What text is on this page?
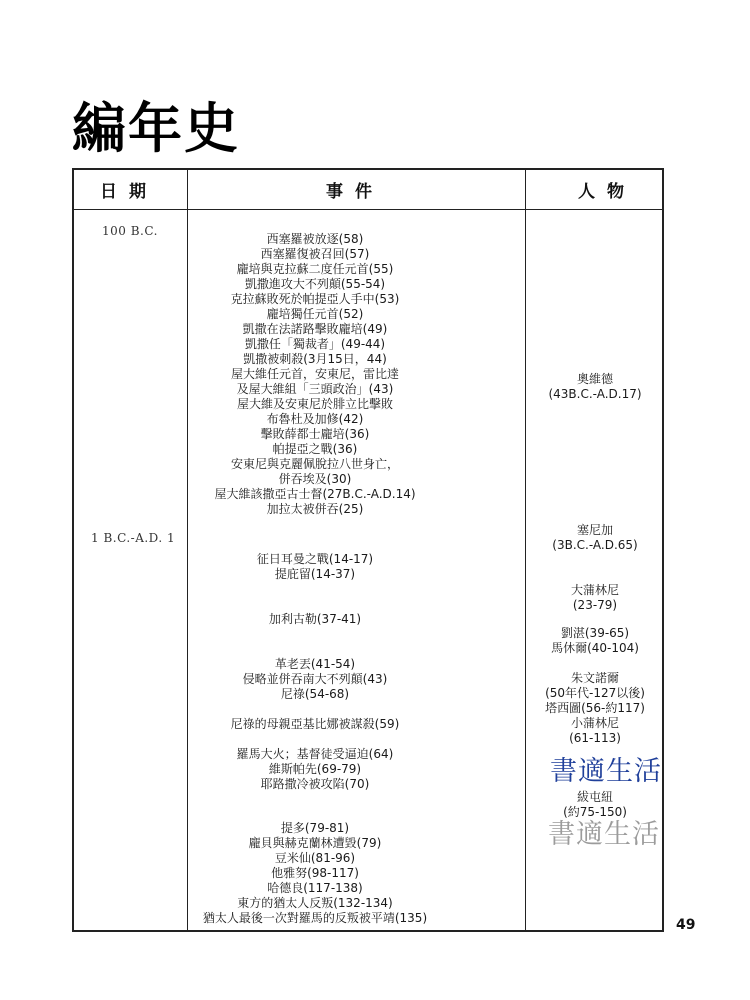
編年史
日期	事件	人物
100 B.C.
1 B.C.-A.D. 1
西塞羅被放逐(58)
西塞羅復被召回(57)
龐培與克拉蘇二度任元首(55)
凱撒進攻大不列顛(55-54)
克拉蘇敗死於帕提亞人手中(53)
龐培獨任元首(52)
凱撒在法諾路擊敗龐培(49)
凱撒任「獨裁者」(49-44)
凱撒被刺殺(3月15日，44)
屋大維任元首，安東尼，雷比達
及屋大維組「三頭政治」(43)
屋大維及安東尼於腓立比擊敗
布魯杜及加修(42)
擊敗薛都士龐培(36)
帕提亞之戰(36)
安東尼與克麗佩脫拉八世身亡，
併吞埃及(30)
屋大維該撒亞古士督(27B.C.-A.D.14)
加拉太被併吞(25)
征日耳曼之戰(14-17)
提庇留(14-37)
加利古勒(37-41)
革老丟(41-54)
侵略並併吞南大不列顛(43)
尼祿(54-68)
尼祿的母親亞基比娜被謀殺(59)
羅馬大火；基督徒受逼迫(64)
維斯帕先(69-79)
耶路撒冷被攻陷(70)
提多(79-81)
龐貝與赫克蘭林遭毀(79)
豆米仙(81-96)
他雅努(98-117)
哈德良(117-138)
東方的猶太人反叛(132-134)
猶太人最後一次對羅馬的反叛被平靖(135)
奧維德
(43B.C.-A.D.17)
塞尼加
(3B.C.-A.D.65)
大蒲林尼
(23-79)
劉湛(39-65)
馬休爾(40-104)
朱文諾爾
(50年代-127以後)
塔西圖(56-約117)
小蒲林尼
(61-113)
紱屯紐
(約75-150)
書適生活
書適生活
49
